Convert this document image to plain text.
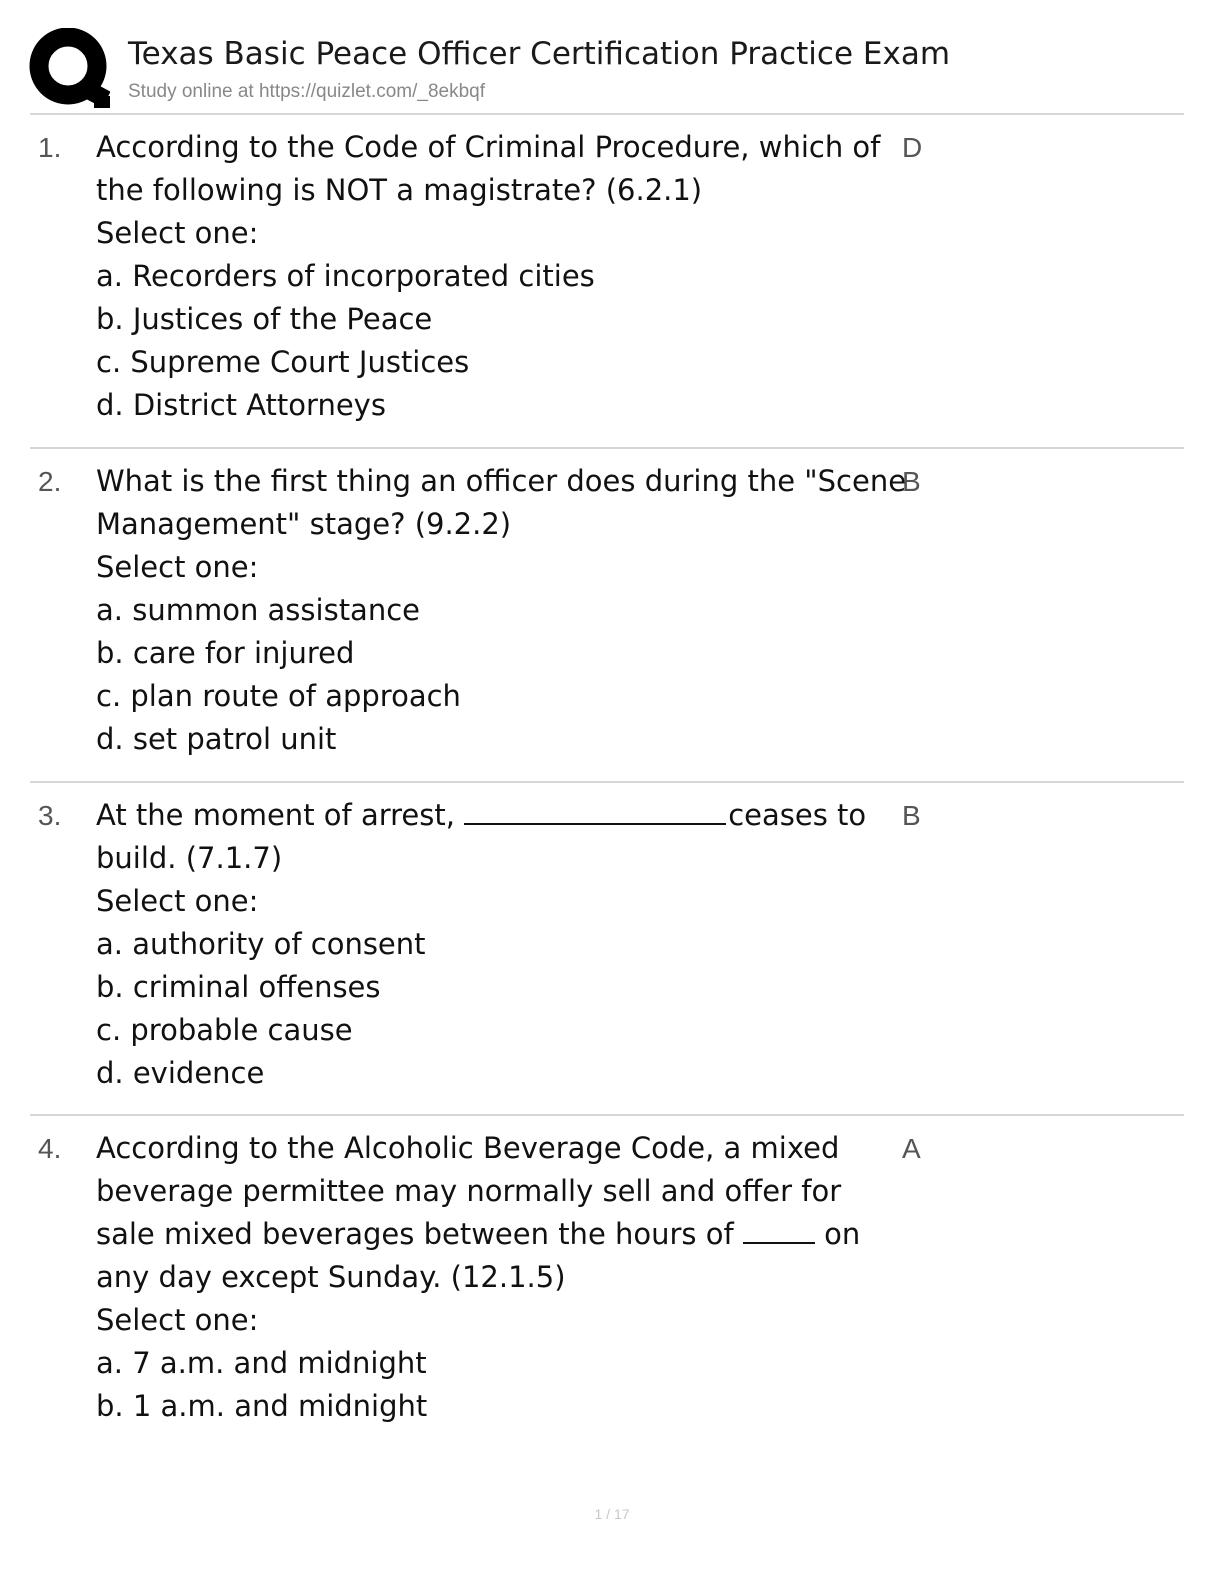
Texas Basic Peace Officer Certification Practice Exam
Study online at https://quizlet.com/_8ekbqf
1. According to the Code of Criminal Procedure, which of
the following is NOT a magistrate? (6.2.1)
Select one:
a. Recorders of incorporated cities
b. Justices of the Peace
c. Supreme Court Justices
d. District Attorneys
D
2. What is the first thing an officer does during the "Scene
Management" stage? (9.2.2)
Select one:
a. summon assistance
b. care for injured
c. plan route of approach
d. set patrol unit
B
3. At the moment of arrest,	ceases to
build. (7.1.7)
Select one:
a. authority of consent
b. criminal offenses
c. probable cause
d. evidence
B
4. According to the Alcoholic Beverage Code, a mixed
beverage permittee may normally sell and offer for
sale mixed beverages between the hours of  on
any day except Sunday. (12.1.5)
Select one:
a. 7 a.m. and midnight
b. 1 a.m. and midnight
A
1 / 17
